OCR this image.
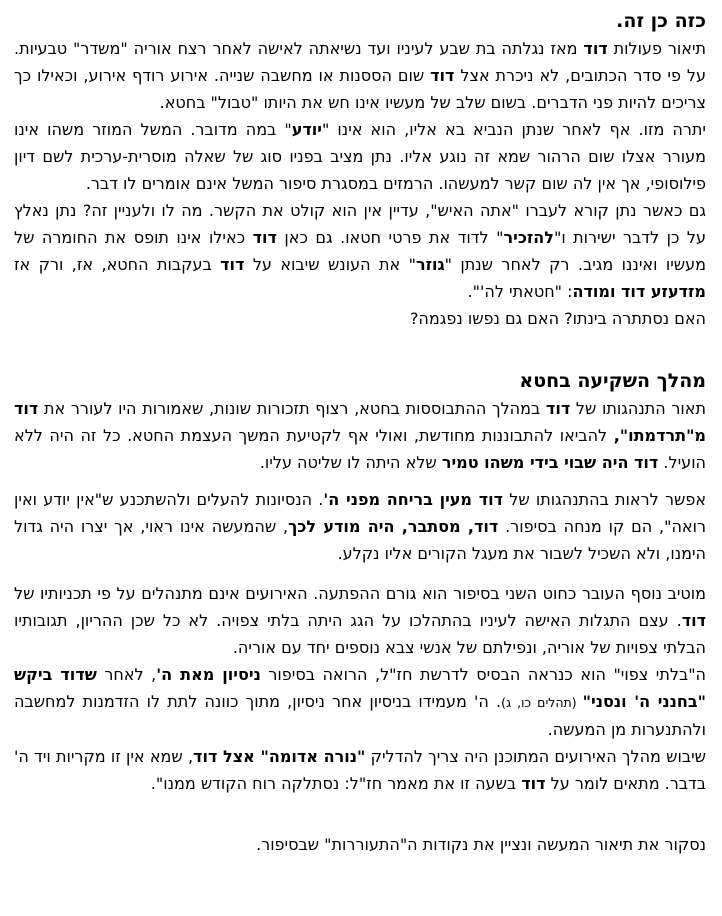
כזה כן זה.
תיאור פעולות דוד מאז נגלתה בת שבע לעיניו ועד נשיאתה לאישה לאחר רצח אוריה "משדר" טבעיות. על פי סדר הכתובים, לא ניכרת אצל דוד שום הססנות או מחשבה שנייה. אירוע רודף אירוע, וכאילו כך צריכים להיות פני הדברים. בשום שלב של מעשיו אינו חש את היותו "טבול" בחטא.
יתרה מזו. אף לאחר שנתן הנביא בא אליו, הוא אינו "יודע" במה מדובר. המשל המוזר משהו אינו מעורר אצלו שום הרהור שמא זה נוגע אליו. נתן מציב בפניו סוג של שאלה מוסרית-ערכית לשם דיון פילוסופי, אך אין לה שום קשר למעשהו. הרמזים במסגרת סיפור המשל אינם אומרים לו דבר.
גם כאשר נתן קורא לעברו "אתה האיש", עדיין אין הוא קולט את הקשר. מה לו ולעניין זה? נתן נאלץ על כן לדבר ישירות ו"להזכיר" לדוד את פרטי חטאו. גם כאן דוד כאילו אינו תופס את החומרה של מעשיו ואיננו מגיב. רק לאחר שנתן "גוזר" את העונש שיבוא על דוד בעקבות החטא, אז, ורק אז מזדעזע דוד ומודה: "חטאתי לה'".
האם נסתתרה בינתו? האם גם נפשו נפגמה?
מהלך השקיעה בחטא
תאור התנהגותו של דוד במהלך ההתבוססות בחטא, רצוף תזכורות שונות, שאמורות היו לעורר את דוד מ"תרדמתו", להביאו להתבוננות מחודשת, ואולי אף לקטיעת המשך העצמת החטא. כל זה היה ללא הועיל. דוד היה שבוי בידי משהו טמיר שלא היתה לו שליטה עליו.
אפשר לראות בהתנהגותו של דוד מעין בריחה מפני ה'. הנסיונות להעלים ולהשתכנע ש"אין יודע ואין רואה", הם קו מנחה בסיפור. דוד, מסתבר, היה מודע לכך, שהמעשה אינו ראוי, אך יצרו היה גדול הימנו, ולא השכיל לשבור את מעגל הקורים אליו נקלע.
מוטיב נוסף העובר כחוט השני בסיפור הוא גורם ההפתעה. האירועים אינם מתנהלים על פי תכניותיו של דוד. עצם התגלות האישה לעיניו בהתהלכו על הגג היתה בלתי צפויה. לא כל שכן ההריון, תגובותיו הבלתי צפויות של אוריה, ונפילתם של אנשי צבא נוספים יחד עם אוריה.
ה"בלתי צפוי" הוא כנראה הבסיס לדרשת חז"ל, הרואה בסיפור ניסיון מאת ה', לאחר שדוד ביקש "בחנני ה' ונסני" (תהלים כו, ג). ה' מעמידו בניסיון אחר ניסיון, מתוך כוונה לתת לו הזדמנות למחשבה ולהתנערות מן המעשה.
שיבוש מהלך האירועים המתוכנן היה צריך להדליק "נורה אדומה" אצל דוד, שמא אין זו מקריות ויד ה' בדבר. מתאים לומר על דוד בשעה זו את מאמר חז"ל: נסתלקה רוח הקודש ממנו".
נסקור את תיאור המעשה ונציין את נקודות ה"התעוררות" שבסיפור.
